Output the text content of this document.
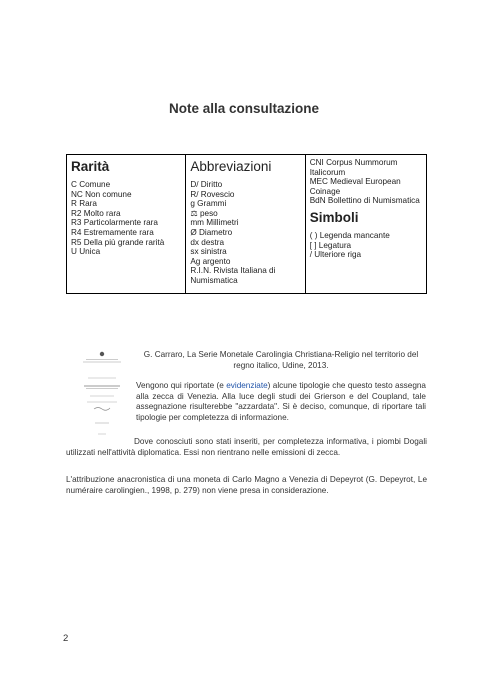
Note alla consultazione
Rarità
C Comune
NC Non comune
R Rara
R2 Molto rara
R3 Particolarmente rara
R4 Estremamente rara
R5 Della più grande rarità
U Unica
Abbreviazioni
D/ Diritto
R/ Rovescio
g Grammi
⚖ peso
mm Millimetri
Ø Diametro
dx destra
sx sinistra
Ag argento
R.I.N. Rivista Italiana di Numismatica
CNI Corpus Nummorum Italicorum
MEC Medieval European Coinage
BdN Bollettino di Numismatica
Simboli
( ) Legenda mancante
[ ] Legatura
/ Ulteriore riga
G. Carraro, La Serie Monetale Carolingia Christiana-Religio nel territorio del regno italico, Udine, 2013.
Vengono qui riportate (e evidenziate) alcune tipologie che questo testo assegna alla zecca di Venezia. Alla luce degli studi dei Grierson e del Coupland, tale assegnazione risulterebbe "azzardata". Si è deciso, comunque, di riportare tali tipologie per completezza di informazione.
Dove conosciuti sono stati inseriti, per completezza informativa, i piombi Dogali utilizzati nell'attività diplomatica. Essi non rientrano nelle emissioni di zecca.
L'attribuzione anacronistica di una moneta di Carlo Magno a Venezia di Depeyrot (G. Depeyrot, Le numéraire carolingien., 1998, p. 279) non viene presa in considerazione.
2
